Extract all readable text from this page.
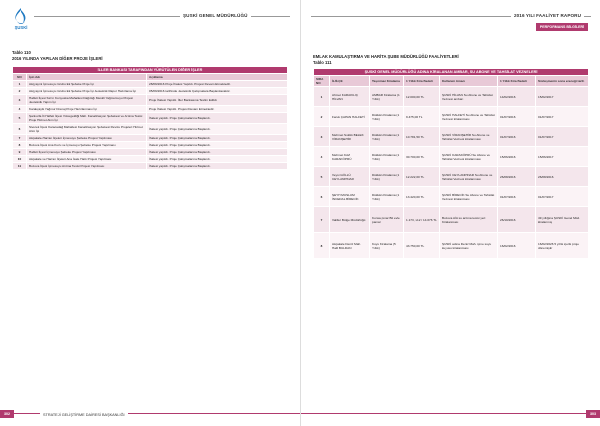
ŞUSKİ
ŞUSKİ GENEL MÜDÜRLÜĞÜ
Tablo 110
2016 YILINDA YAPILAN DİĞER PROJE İŞLERİ
İLLER BANKASI TARAFINDAN YÜRÜTÜLEN DİĞER İŞLER		
NO	İşin Adı	Açıklama
1	Akçyaymi İçmesuyu Grubu Ek Şebeke Proje İşi	28/09/2016 Proje İhalesi Yapıldı. Projesi Devam Etmektedir.
2	Akçyaymi İçmesuyu Grubu Ek Şebeke Proje İşi Jeoteknik Rapor Hazırlama İşi	05/09/2016 tarihinde Jeoteknik Çalışmalara Başlanılacaktır.
3	Halfeti İlçesi Sırrın Konyuska Mahallesi Dağıttığı Meskli Yağmursuyu Projesi Jeoteknik Yapım İşi	Proje İhalesi Yapıldı. İller Bankasına Teslim Edildi.
4	Karakçayik Yağmur Drenaj Proje Hazırlanması İşi	Proje İhalesi Yapıldı. Projesi Devam Etmektedir.
5	Şanlıurfa İli Halfeti İlçesi Yolcegeldiği Mah. Kanalizasyon Şebekesi ve Arıtma Tesisi Proje Hizmet Alım İşi	İhalesi yapıldı. Proje Çalışmalarına Başlandı.
6	Siverek İlçesi Karacadağ Mahallesi Kanalizasyon Şebekesi Revize Projeleri Hizmet Alım İşi	İhalesi yapıldı. Proje Çalışmalarına Başlandı.
7	Akçakale-Harran İlçeleri İçmesuyu Şebeke Projesi Yapılması	İhalesi yapıldı. Proje Çalışmalarına Başlandı.
8	Bozova İlçesi Ana Kuzu ve İçmesuyu Şebeke Projesi Yapılması	İhalesi yapıldı. Proje Çalışmalarına Başlandı.
9	Halfeti İlçesi İçmesuyu Şebeke Projesi Yapılması	İhalesi yapıldı. Proje Çalışmalarına Başlandı.
10	Akçakale ve Harran İlçeleri Ana İsale Hattı Projesi Yapılması	İhalesi yapıldı. Proje Çalışmalarına Başlandı.
11	Bozova İlçesi İçmesuyu Arıtma Tesisi Projesi Yapılması	İhalesi yapıldı. Proje Çalışmalarına Başlandı.
302	STRATEJİ GELİŞTİRME DAİRESİ BAŞKANLIĞI
2016 YILI FAALİYET RAPORU
PERFORMANS BİLGİLERİ
EMLAK KAMULAŞTIRMA VE HARİTA ŞUBE MÜDÜRLÜĞÜ FAALİYETLERİ
Tablo 111
ŞUSKİ GENEL MÜDÜRLÜĞÜ ADINA KİRALANAN AMBAR, SU ABONE VE TAHSİLAT VEZNELERİ						
SIRA NO	İL/İLÇE	Taşınmaz Kiralama	1 Yıllık Kira Bedeli	Kullanım Amacı	1 Yıllık Kira Bedeli	Sözleşmenin sona ereceği tarih
1	Ahmet KARAKILIÇ HİLVAN	AMBAR Kiralama (1 Yıllık)	12.000,00 TL	ŞUSKİ HİLVAN Su Abone ve Tahsilat Veznesi ambarı	14/02/2016	15/02/2017
2	Faruk ÇAPAN HALFETİ	Dükkân Kiralama (1 Yıllık)	9.475,00 TL	ŞUSKİ HALFETİ Su Abone ve Tahsilat Veznesi kiralanması	01/07/2016	01/07/2017
3	Mehmet Sıddık BELEK VİRANŞEHİR	Dükkân Kiralama (1 Yıllık)	10.781,50 TL	ŞUSKİ VİRANŞEHİR Su Abone ve Tahsilat Veznesi kiralanması	01/07/2016	01/07/2017
4	Mehmet KAZ KARAKÖPRÜ	Dükkân Kiralama (1 Yıllık)	30.700,00 TL	ŞUSKİ KARAKÖPRÜ Su Abone ve Tahsilat Veznesi kiralanması	15/06/2016	15/06/2017
5	Veysi GÖLLÜ CEYLANPINAR	Dükkân Kiralama (1 Yıllık)	12.222,00 TL	ŞUSKİ CEYLANPINAR Su Abone ve Tahsilat Veznesi kiralanması	26/08/2016	26/08/2016
6	ŞEYH MUSLUM İNCEDAL BİRECİK	Dükkân Kiralama (1 Yıllık)	13.420,00 TL	ŞUSKİ BİRECİK Su Abone ve Tahsilat Veznesi kiralanması	01/07/2016	01/07/2017
7	Valiller Bölge Müdürlüğü	Konsa pınar Bit evle pamal	1.173, x12 / 14.076 TL	Bozova AİA su arıtma tesisi yeri Kiralanması	26/10/2016	49 yıllığına ŞUSKİ Genel Müd. kiralanmış
8	Akçakale Deniz Mah. Halil BULDAN	Kuyu Kiralama (5 Yıllık)	43.750,00 TL	ŞUSKİ adına Deniz Mah. içme suyu kuyusu kiralanması	16/02/2016	16/02/2026 5 yıllık içerik proje dönemiştir
		TOPLAM : 167.398,00 TL				
303
